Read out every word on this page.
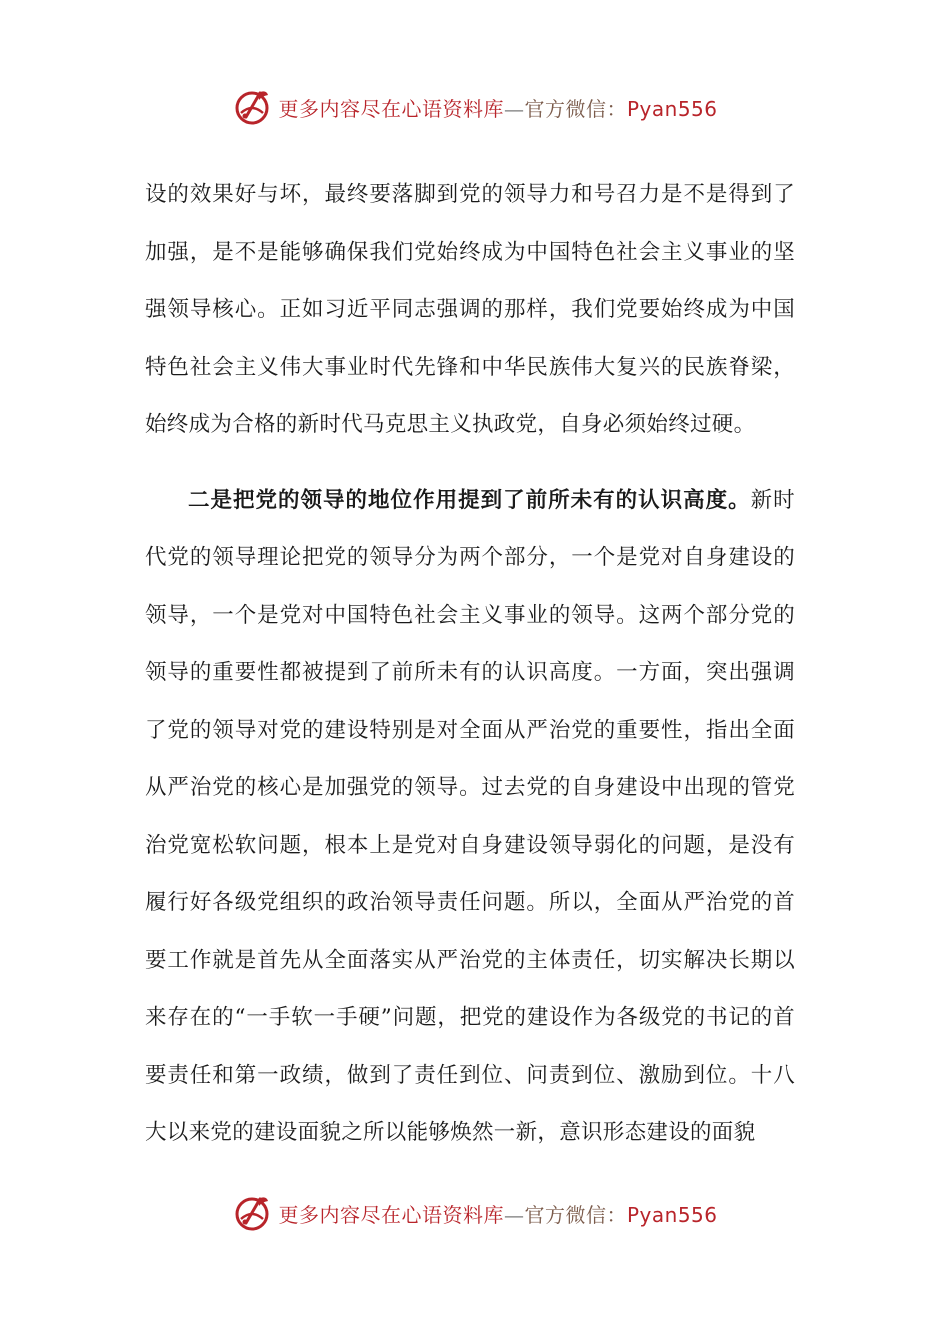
更多内容尽在心语资料库—官方微信：Pyan556

设的效果好与坏，最终要落脚到党的领导力和号召力是不是得到了加强，是不是能够确保我们党始终成为中国特色社会主义事业的坚强领导核心。正如习近平同志强调的那样，我们党要始终成为中国特色社会主义伟大事业时代先锋和中华民族伟大复兴的民族脊梁，始终成为合格的新时代马克思主义执政党，自身必须始终过硬。

二是把党的领导的地位作用提到了前所未有的认识高度。新时代党的领导理论把党的领导分为两个部分，一个是党对自身建设的领导，一个是党对中国特色社会主义事业的领导。这两个部分党的领导的重要性都被提到了前所未有的认识高度。一方面，突出强调了党的领导对党的建设特别是对全面从严治党的重要性，指出全面从严治党的核心是加强党的领导。过去党的自身建设中出现的管党治党宽松软问题，根本上是党对自身建设领导弱化的问题，是没有履行好各级党组织的政治领导责任问题。所以，全面从严治党的首要工作就是首先从全面落实从严治党的主体责任，切实解决长期以来存在的“一手软一手硬”问题，把党的建设作为各级党的书记的首要责任和第一政绩，做到了责任到位、问责到位、激励到位。十八大以来党的建设面貌之所以能够焕然一新，意识形态建设的面貌

更多内容尽在心语资料库—官方微信：Pyan556
